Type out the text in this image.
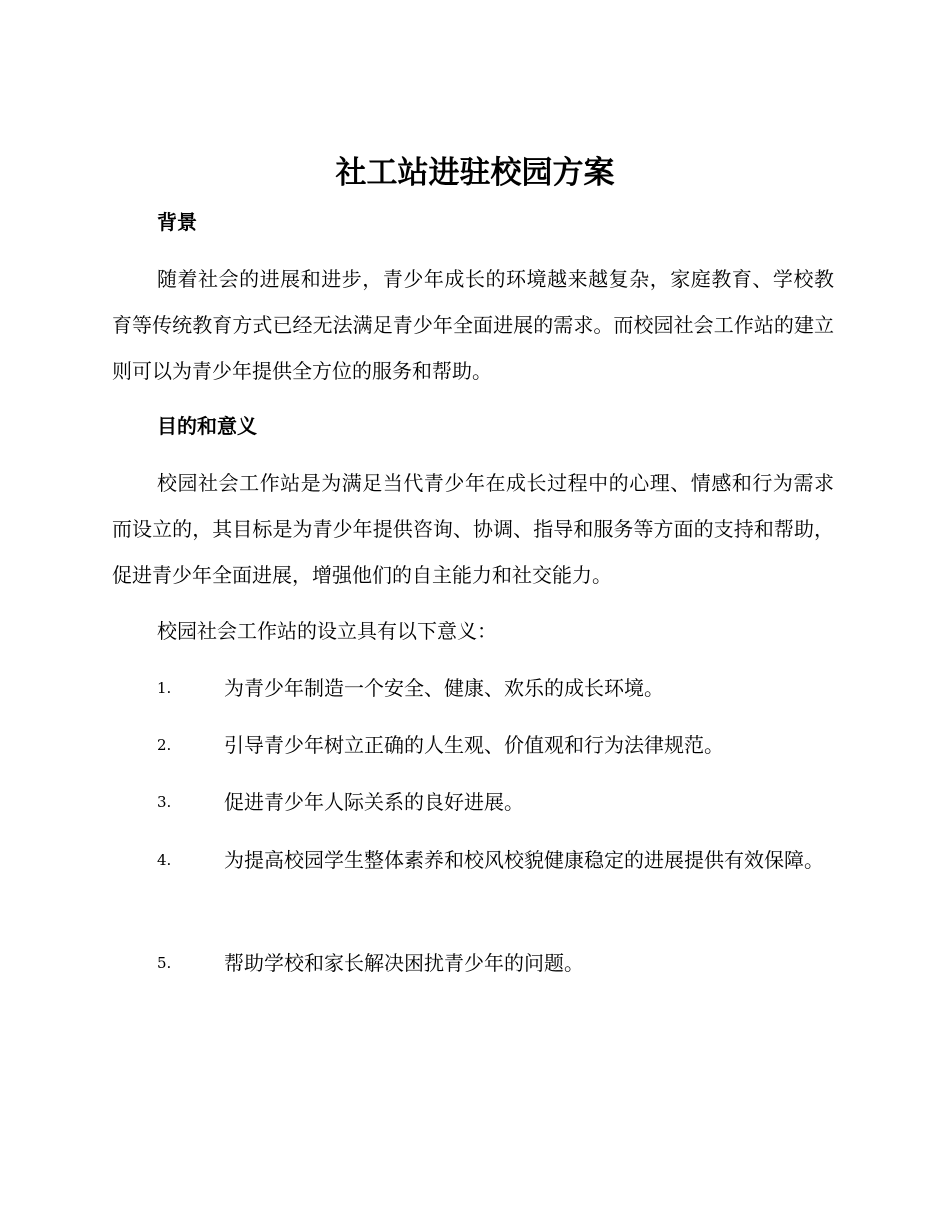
社工站进驻校园方案
背景
随着社会的进展和进步，青少年成长的环境越来越复杂，家庭教育、学校教育等传统教育方式已经无法满足青少年全面进展的需求。而校园社会工作站的建立则可以为青少年提供全方位的服务和帮助。
目的和意义
校园社会工作站是为满足当代青少年在成长过程中的心理、情感和行为需求而设立的，其目标是为青少年提供咨询、协调、指导和服务等方面的支持和帮助，促进青少年全面进展，增强他们的自主能力和社交能力。
校园社会工作站的设立具有以下意义：
1.	为青少年制造一个安全、健康、欢乐的成长环境。
2.	引导青少年树立正确的人生观、价值观和行为法律规范。
3.	促进青少年人际关系的良好进展。
4.	为提高校园学生整体素养和校风校貌健康稳定的进展提供有效保障。
5.	帮助学校和家长解决困扰青少年的问题。
